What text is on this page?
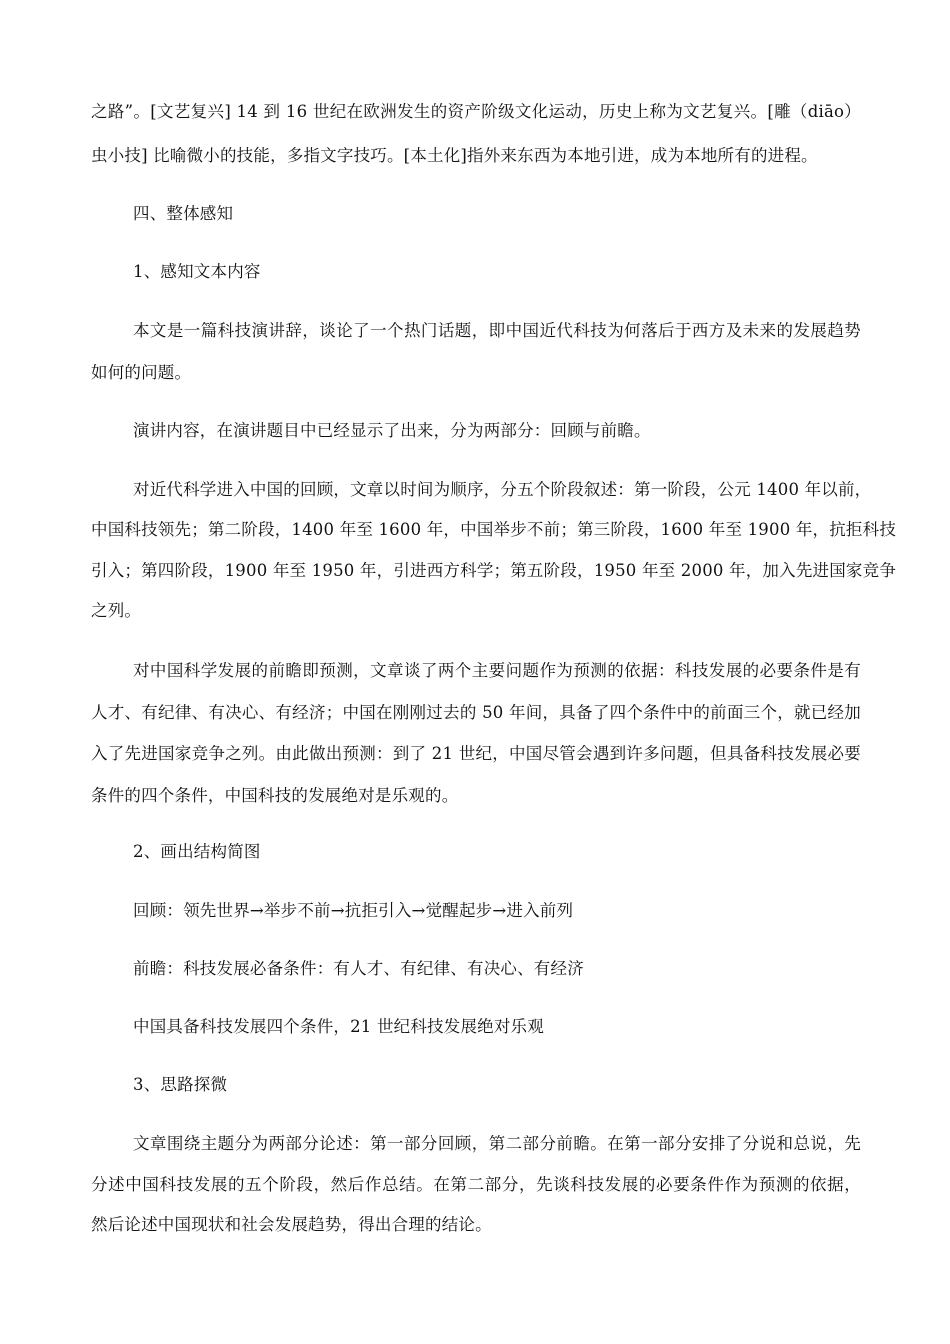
之路”。[文艺复兴] 14 到 16 世纪在欧洲发生的资产阶级文化运动，历史上称为文艺复兴。[雕（diāo）
虫小技] 比喻微小的技能，多指文字技巧。[本土化]指外来东西为本地引进，成为本地所有的进程。
四、整体感知
1、感知文本内容
本文是一篇科技演讲辞，谈论了一个热门话题，即中国近代科技为何落后于西方及未来的发展趋势
如何的问题。
演讲内容，在演讲题目中已经显示了出来，分为两部分：回顾与前瞻。
对近代科学进入中国的回顾，文章以时间为顺序，分五个阶段叙述：第一阶段，公元 1400 年以前，
中国科技领先；第二阶段，1400 年至 1600 年，中国举步不前；第三阶段，1600 年至 1900 年，抗拒科技
引入；第四阶段，1900 年至 1950 年，引进西方科学；第五阶段，1950 年至 2000 年，加入先进国家竞争
之列。
对中国科学发展的前瞻即预测，文章谈了两个主要问题作为预测的依据：科技发展的必要条件是有
人才、有纪律、有决心、有经济；中国在刚刚过去的 50 年间，具备了四个条件中的前面三个，就已经加
入了先进国家竞争之列。由此做出预测：到了 21 世纪，中国尽管会遇到许多问题，但具备科技发展必要
条件的四个条件，中国科技的发展绝对是乐观的。
2、画出结构简图
回顾：领先世界→举步不前→抗拒引入→觉醒起步→进入前列
前瞻：科技发展必备条件：有人才、有纪律、有决心、有经济
中国具备科技发展四个条件，21 世纪科技发展绝对乐观
3、思路探微
文章围绕主题分为两部分论述：第一部分回顾，第二部分前瞻。在第一部分安排了分说和总说，先
分述中国科技发展的五个阶段，然后作总结。在第二部分，先谈科技发展的必要条件作为预测的依据，
然后论述中国现状和社会发展趋势，得出合理的结论。
